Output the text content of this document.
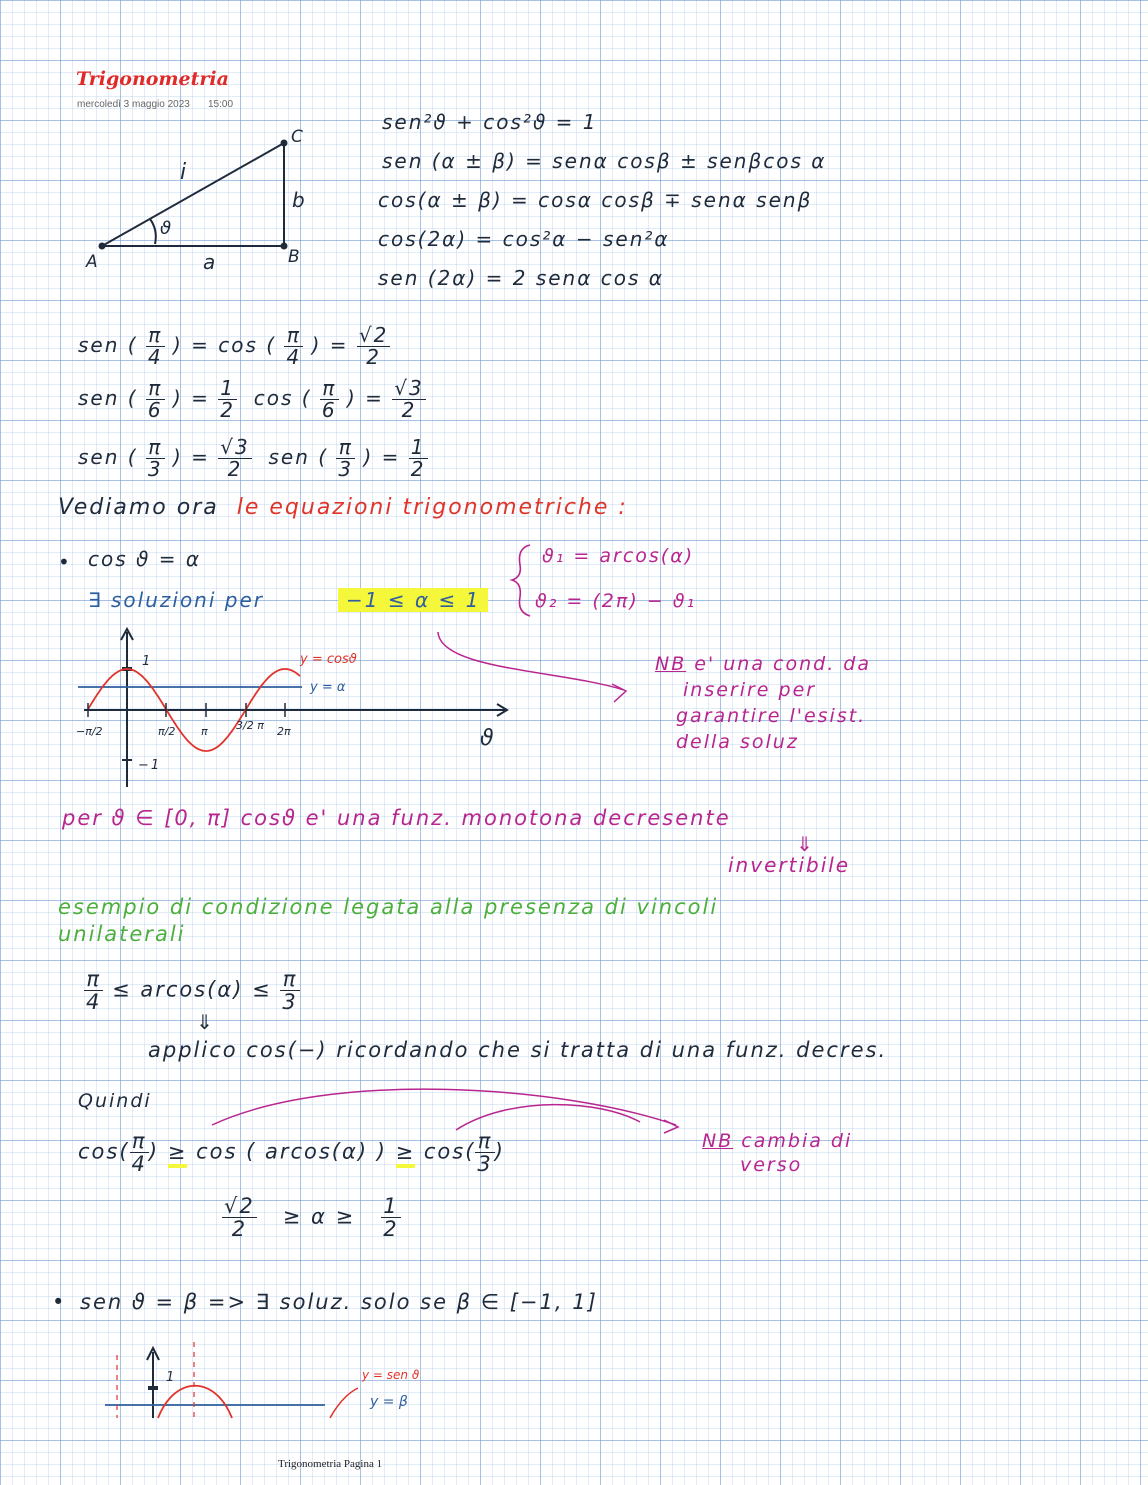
Trigonometria
mercoledì 3 maggio 2023 15:00
i
ϑ
b
a
A	B
C
sen²ϑ + cos²ϑ = 1
sen (α ± β) = senα cosβ ± senβcos α
cos(α ± β) = cosα cosβ ∓ senα senβ
cos(2α) = cos²α − sen²α
sen (2α) = 2 senα cos α
sen ( $\frac{\pi}{4}$ ) = cos ( $\frac{\pi}{4}$ ) = $\frac{√2}{2}$
sen ( $\frac{\pi}{6}$ ) = $\frac{1}{2}$ cos ( $\frac{\pi}{6}$ ) = $\frac{√3}{2}$
sen ( $\frac{\pi}{3}$ ) = $\frac{√3}{2}$ sen ( $\frac{\pi}{3}$ ) = $\frac{1}{2}$
Vediamo ora le equazioni trigonometriche :
• cos ϑ = α
∃ soluzioni per	−1 ≤ α ≤ 1
ϑ₁ = arcos(α)
ϑ₂ = (2π) − ϑ₁
NB e' una cond. da
inserire per
garantire l'esist.
della soluz
y = cosϑ
y = α
ϑ
1
−1
−π/2	π/2 π	3/2 π 2π
per ϑ ∈ [0, π] cosϑ e' una funz. monotona decresente
⇓
invertibile
esempio di condizione legata alla presenza di vincoli
unilaterali
$\frac{\pi}{4} \le arcos(\alpha) \le \frac{\pi}{3}$
⇓
applico cos(−) ricordando che si tratta di una funz. decres.
Quindi
$\cos( \frac{\pi}{4}$ ) ≥ cos ( arcos(α) ) ≥ $\cos( \frac{\pi}{3}$ )	NB cambia di
verso
$\frac{√2}{2} \ge \alpha \ge \frac{1}{2}$
• sen ϑ = β => ∃ soluz. solo se β ∈ [−1, 1]
y = sen ϑ
y = β
1
Trigonometria Pagina 1
